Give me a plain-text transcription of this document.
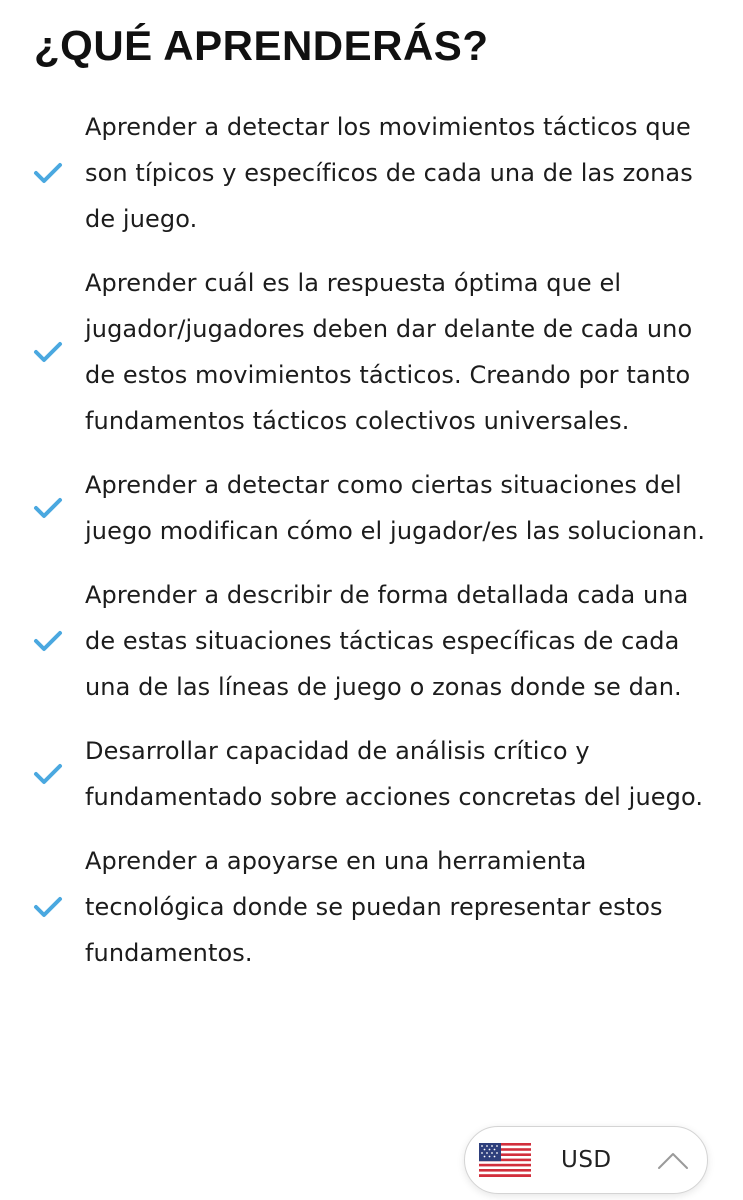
¿QUÉ APRENDERÁS?
Aprender a detectar los movimientos tácticos que son típicos y específicos de cada una de las zonas de juego.
Aprender cuál es la respuesta óptima que el jugador/jugadores deben dar delante de cada uno de estos movimientos tácticos. Creando por tanto fundamentos tácticos colectivos universales.
Aprender a detectar como ciertas situaciones del juego modifican cómo el jugador/es las solucionan.
Aprender a describir de forma detallada cada una de estas situaciones tácticas específicas de cada una de las líneas de juego o zonas donde se dan.
Desarrollar capacidad de análisis crítico y fundamentado sobre acciones concretas del juego.
Aprender a apoyarse en una herramienta tecnológica donde se puedan representar estos fundamentos.
USD
